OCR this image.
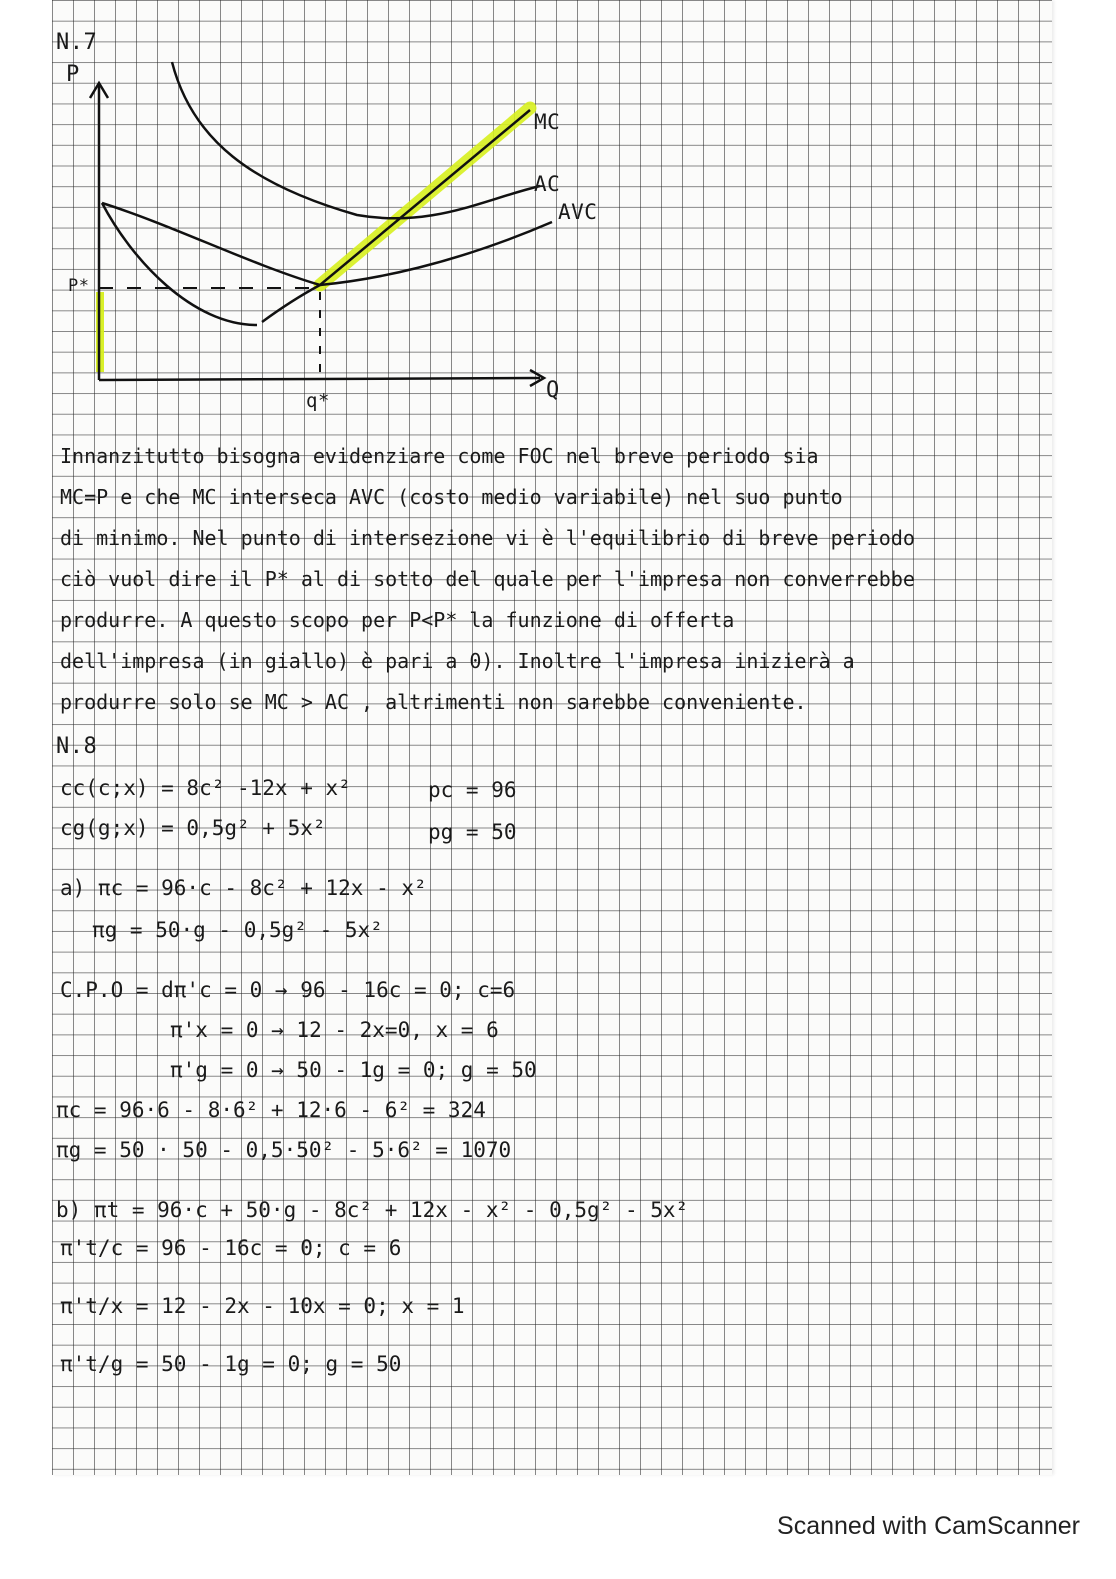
N.7
P
Q
MC
AC
AVC
P*
q*
Innanzitutto bisogna evidenziare come FOC nel breve periodo sia
MC=P e che MC interseca AVC (costo medio variabile) nel suo punto
di minimo. Nel punto di intersezione vi è l'equilibrio di breve periodo
ciò vuol dire il P* al di sotto del quale per l'impresa non converrebbe
produrre. A questo scopo per P<P* la funzione di offerta
dell'impresa (in giallo) è pari a 0). Inoltre l'impresa inizierà a
produrre solo se MC > AC , altrimenti non sarebbe conveniente.
N.8
cc(c;x) = 8c² -12x + x²	pc = 96
cg(g;x) = 0,5g² + 5x²	pg = 50
a) πc = 96·c - 8c² + 12x - x²
πg = 50·g - 0,5g² - 5x²
C.P.O = dπ'c = 0 → 96 - 16c = 0; c=6
π'x = 0 → 12 - 2x=0, x = 6
π'g = 0 → 50 - 1g = 0; g = 50
πc = 96·6 - 8·6² + 12·6 - 6² = 324
πg = 50 · 50 - 0,5·50² - 5·6² = 1070
b) πt = 96·c + 50·g - 8c² + 12x - x² - 0,5g² - 5x²
π't/c = 96 - 16c = 0; c = 6
π't/x = 12 - 2x - 10x = 0; x = 1
π't/g = 50 - 1g = 0; g = 50
Scanned with CamScanner
